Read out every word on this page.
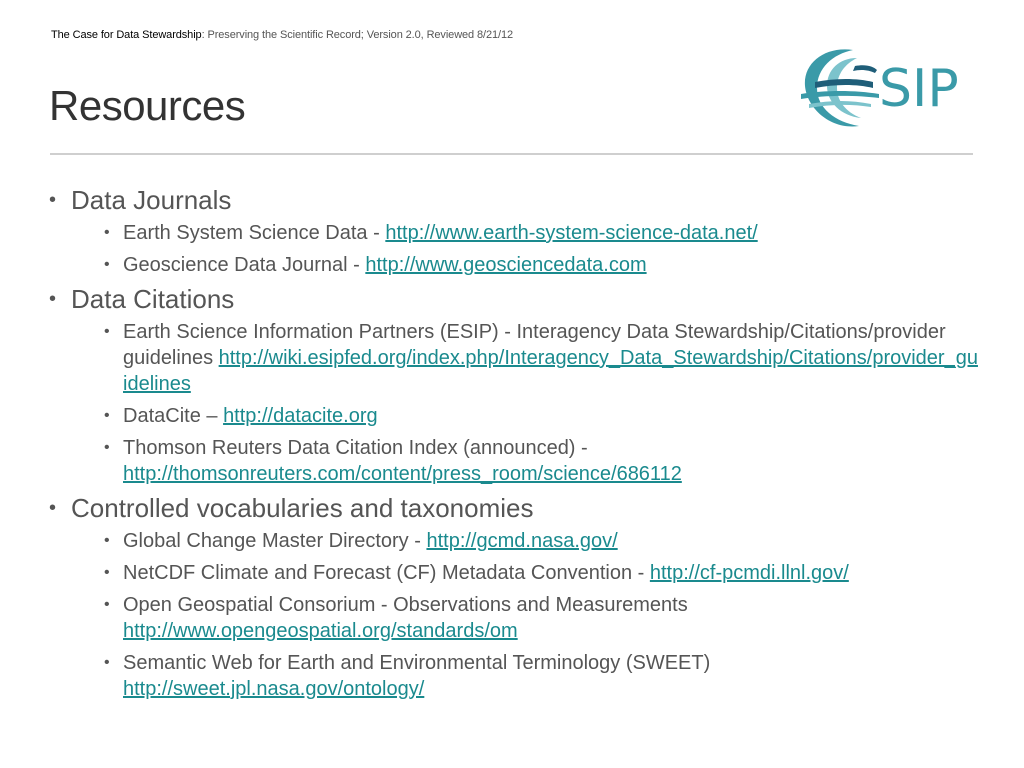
The Case for Data Stewardship: Preserving the Scientific Record; Version 2.0, Reviewed 8/21/12
SIP
Resources
• Data Journals
• Earth System Science Data - http://www.earth-system-science-data.net/
• Geoscience Data Journal - http://www.geosciencedata.com
• Data Citations
• Earth Science Information Partners (ESIP) - Interagency Data Stewardship/Citations/provider guidelines http://wiki.esipfed.org/index.php/Interagency_Data_Stewardship/Citations/provider_guidelines
• DataCite – http://datacite.org
• Thomson Reuters Data Citation Index (announced) - http://thomsonreuters.com/content/press_room/science/686112
• Controlled vocabularies and taxonomies
• Global Change Master Directory - http://gcmd.nasa.gov/
• NetCDF Climate and Forecast (CF) Metadata Convention - http://cf-pcmdi.llnl.gov/
• Open Geospatial Consorium - Observations and Measurements http://www.opengeospatial.org/standards/om
• Semantic Web for Earth and Environmental Terminology (SWEET) http://sweet.jpl.nasa.gov/ontology/
